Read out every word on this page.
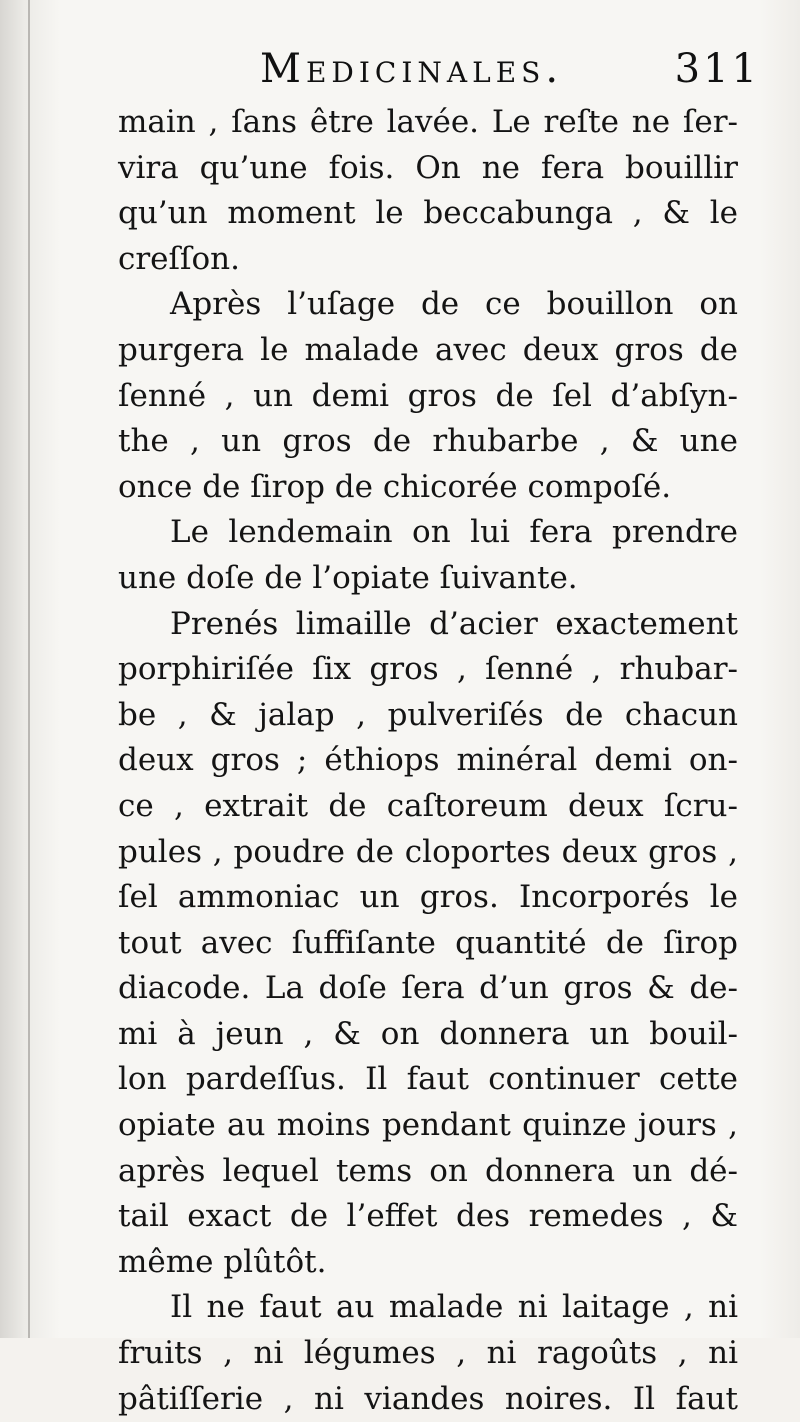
Medicinales.	311
main , ſans être lavée. Le reſte ne ſer-
vira qu’une fois. On ne fera bouillir
qu’un moment le beccabunga , & le
creſſon.
Après l’uſage de ce bouillon on
purgera le malade avec deux gros de
ſenné , un demi gros de ſel d’abſyn-
the , un gros de rhubarbe , & une
once de ſirop de chicorée compoſé.
Le lendemain on lui fera prendre
une doſe de l’opiate ſuivante.
Prenés limaille d’acier exactement
porphiriſée ſix gros , ſenné , rhubar-
be , & jalap , pulveriſés de chacun
deux gros ; éthiops minéral demi on-
ce , extrait de caſtoreum deux ſcru-
pules , poudre de cloportes deux gros ,
ſel ammoniac un gros. Incorporés le
tout avec ſuffiſante quantité de ſirop
diacode. La doſe ſera d’un gros & de-
mi à jeun , & on donnera un bouil-
lon pardeſſus. Il faut continuer cette
opiate au moins pendant quinze jours ,
après lequel tems on donnera un dé-
tail exact de l’effet des remedes , &
même plûtôt.
Il ne faut au malade ni laitage , ni
fruits , ni légumes , ni ragoûts , ni
pâtiſſerie , ni viandes noires. Il faut
